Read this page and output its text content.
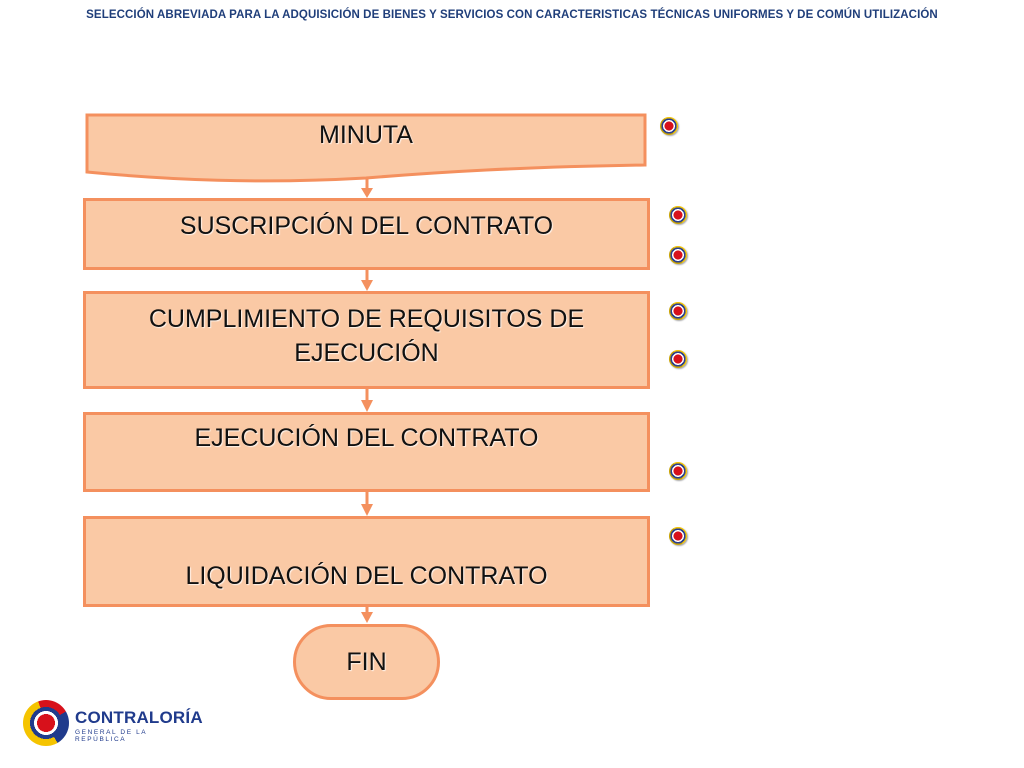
SELECCIÓN ABREVIADA PARA LA ADQUISICIÓN DE BIENES Y SERVICIOS CON CARACTERISTICAS TÉCNICAS UNIFORMES Y DE COMÚN UTILIZACIÓN
MINUTA
SUSCRIPCIÓN DEL CONTRATO
CUMPLIMIENTO DE REQUISITOS DE
EJECUCIÓN
EJECUCIÓN DEL CONTRATO
LIQUIDACIÓN DEL CONTRATO
FIN
CONTRALORÍA
GENERAL DE LA REPÚBLICA
